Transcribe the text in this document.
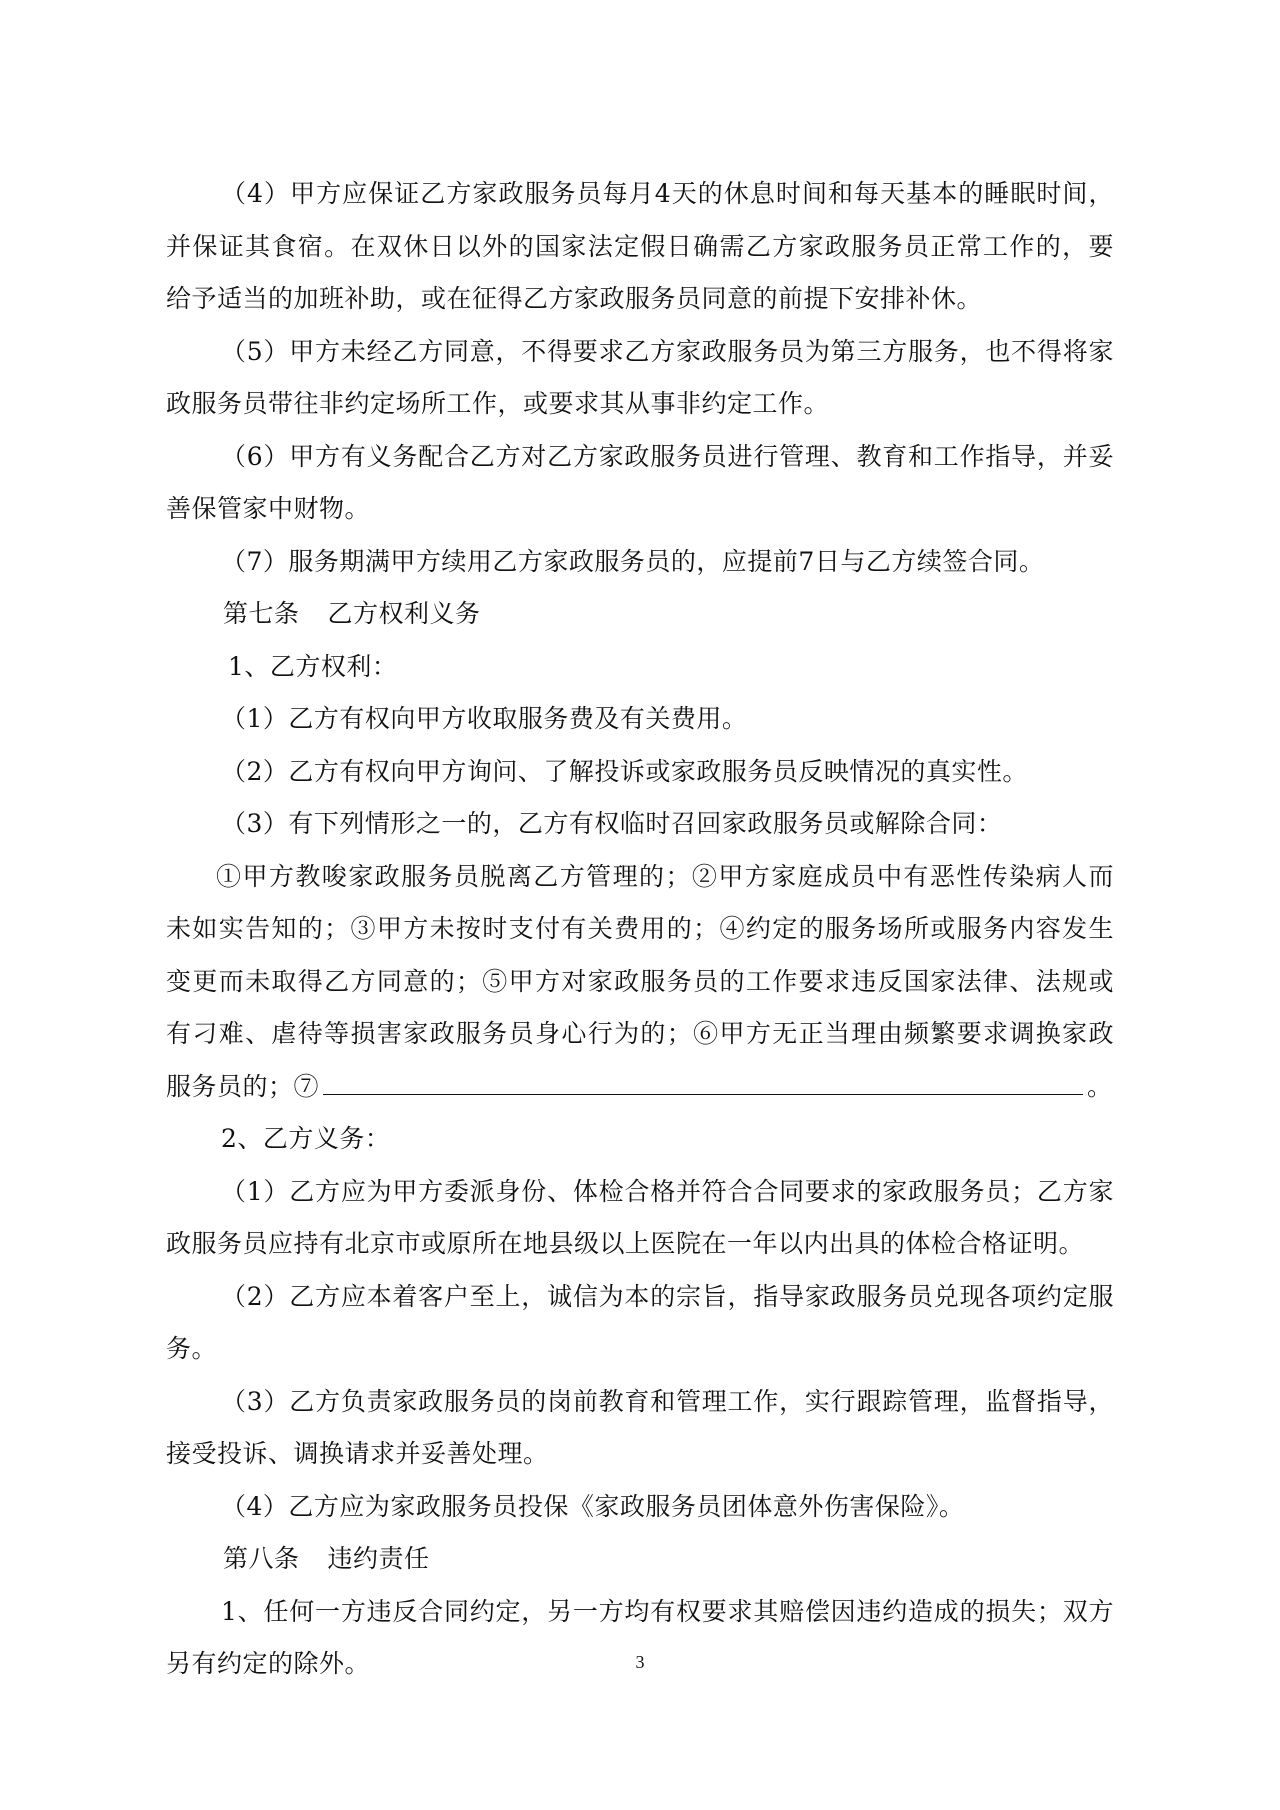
（4）甲方应保证乙方家政服务员每月4天的休息时间和每天基本的睡眠时间，
并保证其食宿。在双休日以外的国家法定假日确需乙方家政服务员正常工作的，要
给予适当的加班补助，或在征得乙方家政服务员同意的前提下安排补休。
（5）甲方未经乙方同意，不得要求乙方家政服务员为第三方服务，也不得将家
政服务员带往非约定场所工作，或要求其从事非约定工作。
（6）甲方有义务配合乙方对乙方家政服务员进行管理、教育和工作指导，并妥
善保管家中财物。
（7）服务期满甲方续用乙方家政服务员的，应提前7日与乙方续签合同。
第七条 乙方权利义务
1、乙方权利：
（1）乙方有权向甲方收取服务费及有关费用。
（2）乙方有权向甲方询问、了解投诉或家政服务员反映情况的真实性。
（3）有下列情形之一的，乙方有权临时召回家政服务员或解除合同：
①甲方教唆家政服务员脱离乙方管理的；②甲方家庭成员中有恶性传染病人而
未如实告知的；③甲方未按时支付有关费用的；④约定的服务场所或服务内容发生
变更而未取得乙方同意的；⑤甲方对家政服务员的工作要求违反国家法律、法规或
有刁难、虐待等损害家政服务员身心行为的；⑥甲方无正当理由频繁要求调换家政
服务员的；⑦	。
2、乙方义务：
（1）乙方应为甲方委派身份、体检合格并符合合同要求的家政服务员；乙方家
政服务员应持有北京市或原所在地县级以上医院在一年以内出具的体检合格证明。
（2）乙方应本着客户至上，诚信为本的宗旨，指导家政服务员兑现各项约定服
务。
（3）乙方负责家政服务员的岗前教育和管理工作，实行跟踪管理，监督指导，
接受投诉、调换请求并妥善处理。
（4）乙方应为家政服务员投保《家政服务员团体意外伤害保险》。
第八条 违约责任
1、任何一方违反合同约定，另一方均有权要求其赔偿因违约造成的损失；双方
另有约定的除外。	3
